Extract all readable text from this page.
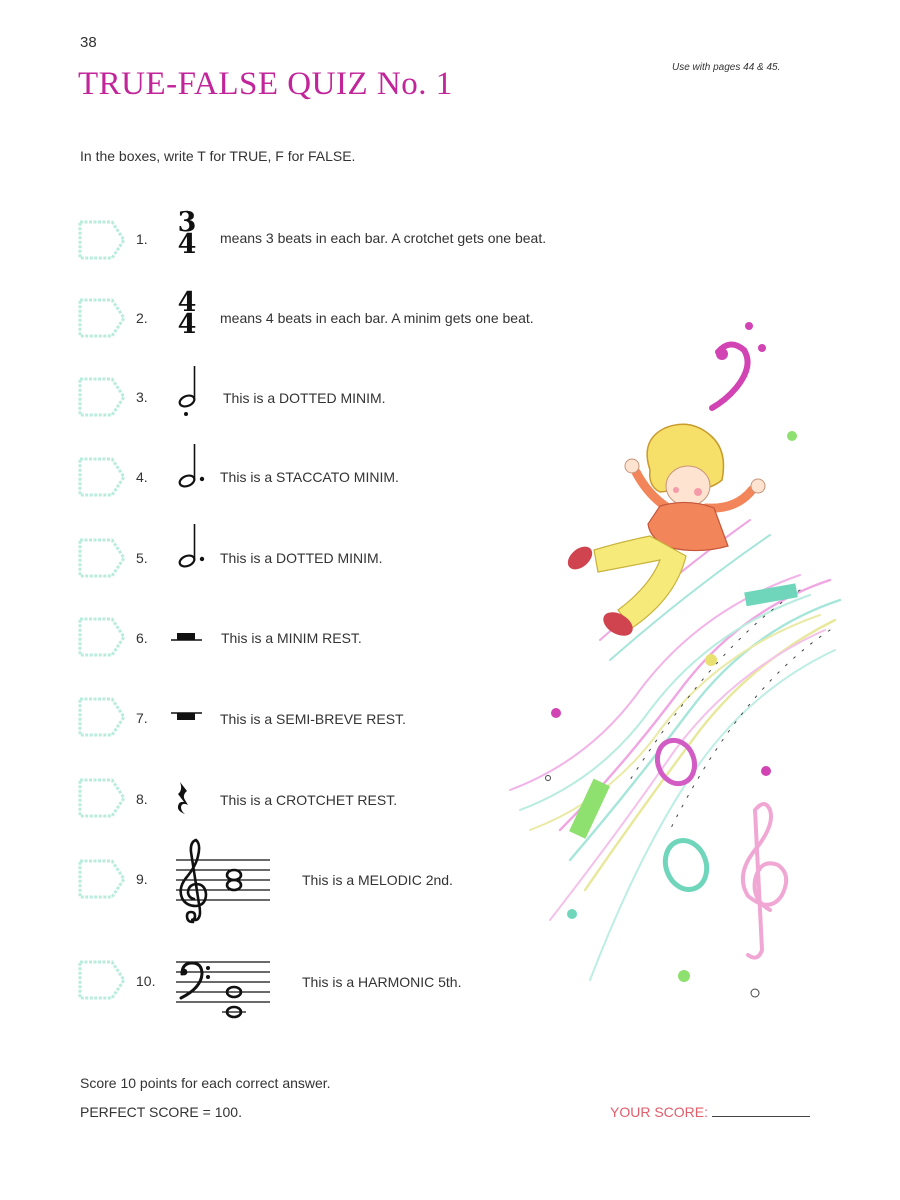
38
Use with pages 44 & 45.
TRUE-FALSE QUIZ No. 1
In the boxes, write T for TRUE, F for FALSE.
1.
2.
3.
4.
5.
6.
7.
8.
9.
10.
3
4
4
4
means 3 beats in each bar. A crotchet gets one beat.
means 4 beats in each bar. A minim gets one beat.
This is a DOTTED MINIM.
This is a STACCATO MINIM.
This is a DOTTED MINIM.
This is a MINIM REST.
This is a SEMI-BREVE REST.
This is a CROTCHET REST.
This is a MELODIC 2nd.
This is a HARMONIC 5th.
Score 10 points for each correct answer.
PERFECT SCORE = 100.	YOUR SCORE:
